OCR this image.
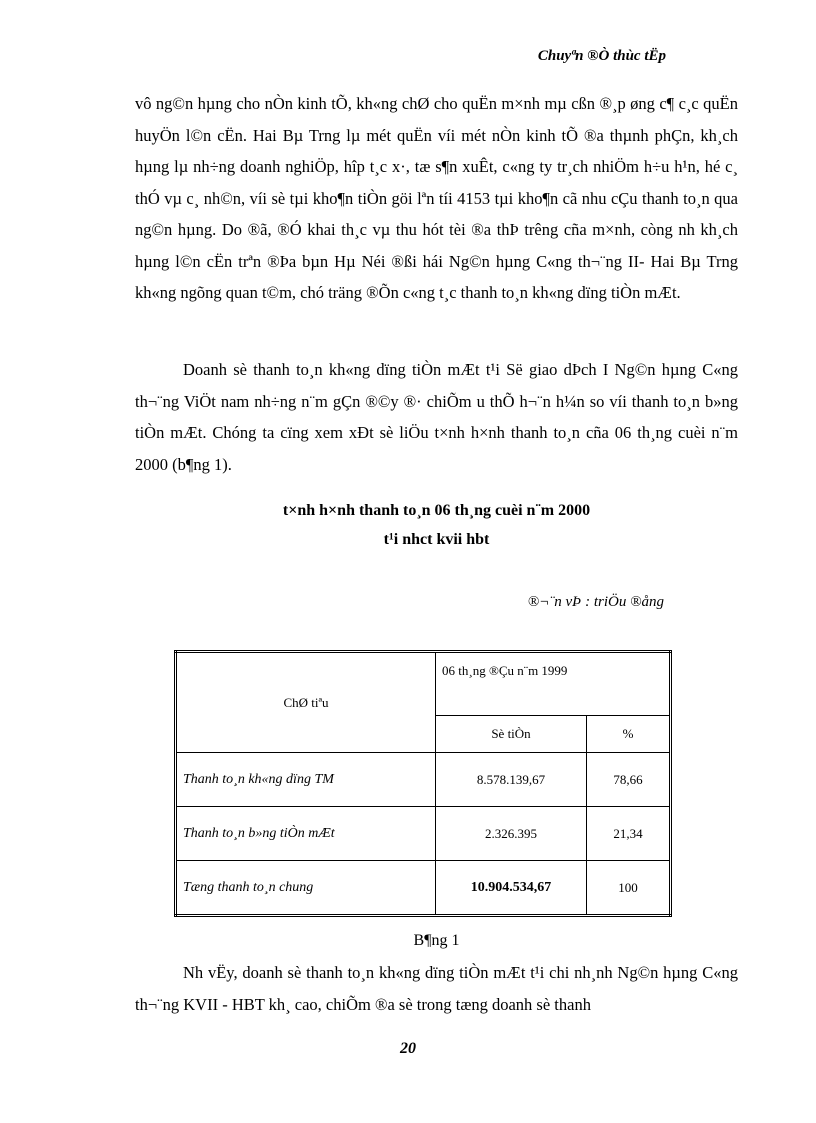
Chuyªn ®Ò thùc tËp

vô ng©n hµng cho nÒn kinh tÕ, kh«ng chØ cho quËn m×nh mµ cßn ®¸p øng c¶ c¸c quËn huyÖn l©n cËn. Hai Bµ Trng lµ mét quËn víi mét nÒn kinh tÕ ®a thµnh phÇn, kh¸ch hµng lµ nh÷ng doanh nghiÖp, hîp t¸c x·, tæ s¶n xuÊt, c«ng ty tr¸ch nhiÖm h÷u h¹n, hé c¸ thÓ vµ c¸ nh©n, víi sè tµi kho¶n tiÒn göi lªn tíi 4153 tµi kho¶n cã nhu cÇu thanh to¸n qua ng©n hµng. Do ®ã, ®Ó khai th¸c vµ thu hót tèi ®a thÞ trêng cña m×nh, còng nh kh¸ch hµng l©n cËn trªn ®Þa bµn Hµ Néi ®ßi hái Ng©n hµng C«ng th¬¨ng II- Hai Bµ Trng kh«ng ngõng quan t©m, chó träng ®Õn c«ng t¸c thanh to¸n kh«ng dïng tiÒn mÆt.

Doanh sè thanh to¸n kh«ng dïng tiÒn mÆt t¹i Së giao dÞch I Ng©n hµng C«ng th¬¨ng ViÖt nam nh÷ng n¨m gÇn ®©y ®· chiÕm u thÕ h¬¨n h¼n so víi thanh to¸n b»ng tiÒn mÆt. Chóng ta cïng xem xÐt sè liÖu t×nh h×nh thanh to¸n cña 06 th¸ng cuèi n¨m 2000 (b¶ng 1).

t×nh h×nh thanh to¸n 06 th¸ng cuèi n¨m 2000
t¹i nhct kvii hbt
®¬¨n vÞ : triÖu ®ång
ChØ tiªu	06 th¸ng ®Çu n¨m 1999	
	Sè tiÒn	%
Thanh to¸n kh«ng dïng TM	8.578.139,67	78,66
Thanh to¸n b»ng tiÒn mÆt	2.326.395	21,34
Tæng thanh to¸n chung	10.904.534,67	100
B¶ng 1

Nh vËy, doanh sè thanh to¸n kh«ng dïng tiÒn mÆt t¹i chi nh¸nh Ng©n hµng C«ng th¬¨ng KVII - HBT kh¸ cao, chiÕm ®a sè trong tæng doanh sè thanh

20
